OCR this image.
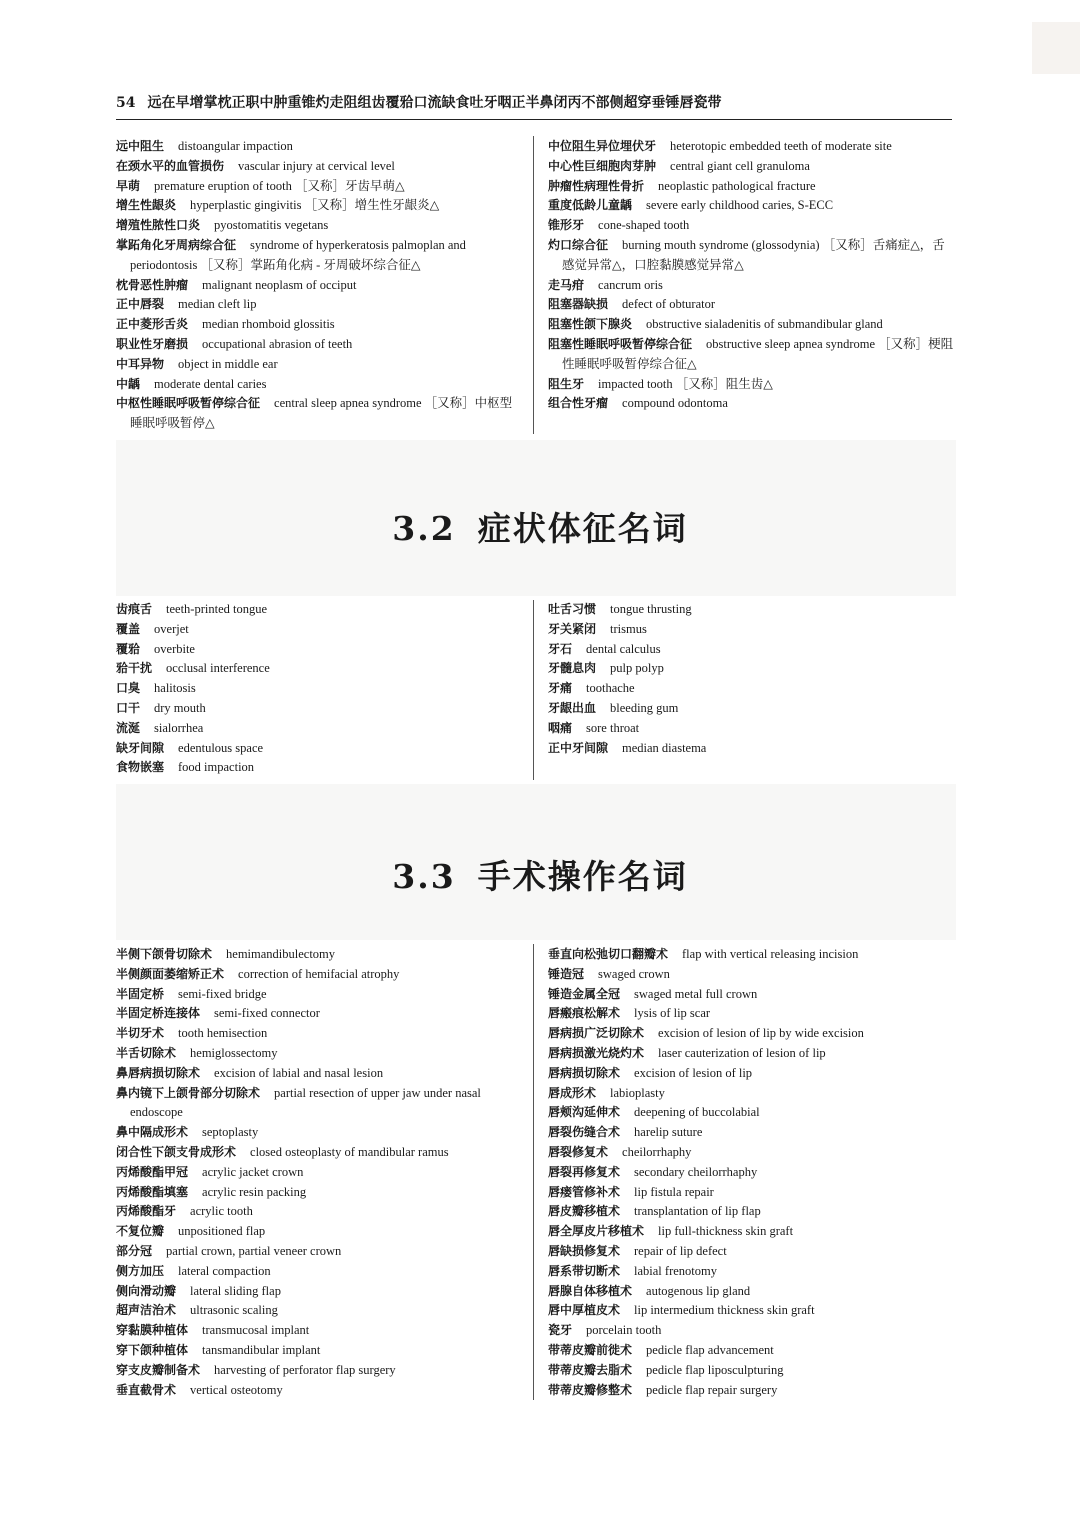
54 远在早增掌枕正职中肿重锥灼走阻组齿覆𬌗口流缺食吐牙咽正半鼻闭丙不部侧超穿垂锤唇瓷带

远中阻生 distoangular impaction

在颈水平的血管损伤 vascular injury at cervical level

早萌 premature eruption of tooth ［又称］牙齿早萌△

增生性龈炎 hyperplastic gingivitis ［又称］增生性牙龈炎△

增殖性脓性口炎 pyostomatitis vegetans

掌跖角化牙周病综合征 syndrome of hyperkeratosis palmoplan and periodontosis ［又称］掌跖角化病 - 牙周破坏综合征△

枕骨恶性肿瘤 malignant neoplasm of occiput

正中唇裂 median cleft lip

正中菱形舌炎 median rhomboid glossitis

职业性牙磨损 occupational abrasion of teeth

中耳异物 object in middle ear

中龋 moderate dental caries

中枢性睡眠呼吸暂停综合征 central sleep apnea syndrome ［又称］中枢型睡眠呼吸暂停△

中位阻生异位埋伏牙 heterotopic embedded teeth of moderate site

中心性巨细胞肉芽肿 central giant cell granuloma

肿瘤性病理性骨折 neoplastic pathological fracture

重度低龄儿童龋 severe early childhood caries, S-ECC

锥形牙 cone-shaped tooth

灼口综合征 burning mouth syndrome (glossodynia) ［又称］舌痛症△，舌感觉异常△，口腔黏膜感觉异常△

走马疳 cancrum oris

阻塞器缺损 defect of obturator

阻塞性颌下腺炎 obstructive sialadenitis of submandibular gland

阻塞性睡眠呼吸暂停综合征 obstructive sleep apnea syndrome ［又称］梗阻性睡眠呼吸暂停综合征△

阻生牙 impacted tooth ［又称］阻生齿△

组合性牙瘤 compound odontoma

3.2 症状体征名词

齿痕舌 teeth-printed tongue

覆盖 overjet

覆𬌗 overbite

𬌗干扰 occlusal interference

口臭 halitosis

口干 dry mouth

流涎 sialorrhea

缺牙间隙 edentulous space

食物嵌塞 food impaction

吐舌习惯 tongue thrusting

牙关紧闭 trismus

牙石 dental calculus

牙髓息肉 pulp polyp

牙痛 toothache

牙龈出血 bleeding gum

咽痛 sore throat

正中牙间隙 median diastema

3.3 手术操作名词

半侧下颌骨切除术 hemimandibulectomy

半侧颜面萎缩矫正术 correction of hemifacial atrophy

半固定桥 semi-fixed bridge

半固定桥连接体 semi-fixed connector

半切牙术 tooth hemisection

半舌切除术 hemiglossectomy

鼻唇病损切除术 excision of labial and nasal lesion

鼻内镜下上颌骨部分切除术 partial resection of upper jaw under nasal endoscope

鼻中隔成形术 septoplasty

闭合性下颌支骨成形术 closed osteoplasty of mandibular ramus

丙烯酸酯甲冠 acrylic jacket crown

丙烯酸酯填塞 acrylic resin packing

丙烯酸酯牙 acrylic tooth

不复位瓣 unpositioned flap

部分冠 partial crown, partial veneer crown

侧方加压 lateral compaction

侧向滑动瓣 lateral sliding flap

超声洁治术 ultrasonic scaling

穿黏膜种植体 transmucosal implant

穿下颌种植体 tansmandibular implant

穿支皮瓣制备术 harvesting of perforator flap surgery

垂直截骨术 vertical osteotomy

垂直向松弛切口翻瓣术 flap with vertical releasing incision

锤造冠 swaged crown

锤造金属全冠 swaged metal full crown

唇瘢痕松解术 lysis of lip scar

唇病损广泛切除术 excision of lesion of lip by wide excision

唇病损激光烧灼术 laser cauterization of lesion of lip

唇病损切除术 excision of lesion of lip

唇成形术 labioplasty

唇颊沟延伸术 deepening of buccolabial

唇裂伤缝合术 harelip suture

唇裂修复术 cheilorrhaphy

唇裂再修复术 secondary cheilorrhaphy

唇瘘管修补术 lip fistula repair

唇皮瓣移植术 transplantation of lip flap

唇全厚皮片移植术 lip full-thickness skin graft

唇缺损修复术 repair of lip defect

唇系带切断术 labial frenotomy

唇腺自体移植术 autogenous lip gland

唇中厚植皮术 lip intermedium thickness skin graft

瓷牙 porcelain tooth

带蒂皮瓣前徙术 pedicle flap advancement

带蒂皮瓣去脂术 pedicle flap liposculpturing

带蒂皮瓣修整术 pedicle flap repair surgery
